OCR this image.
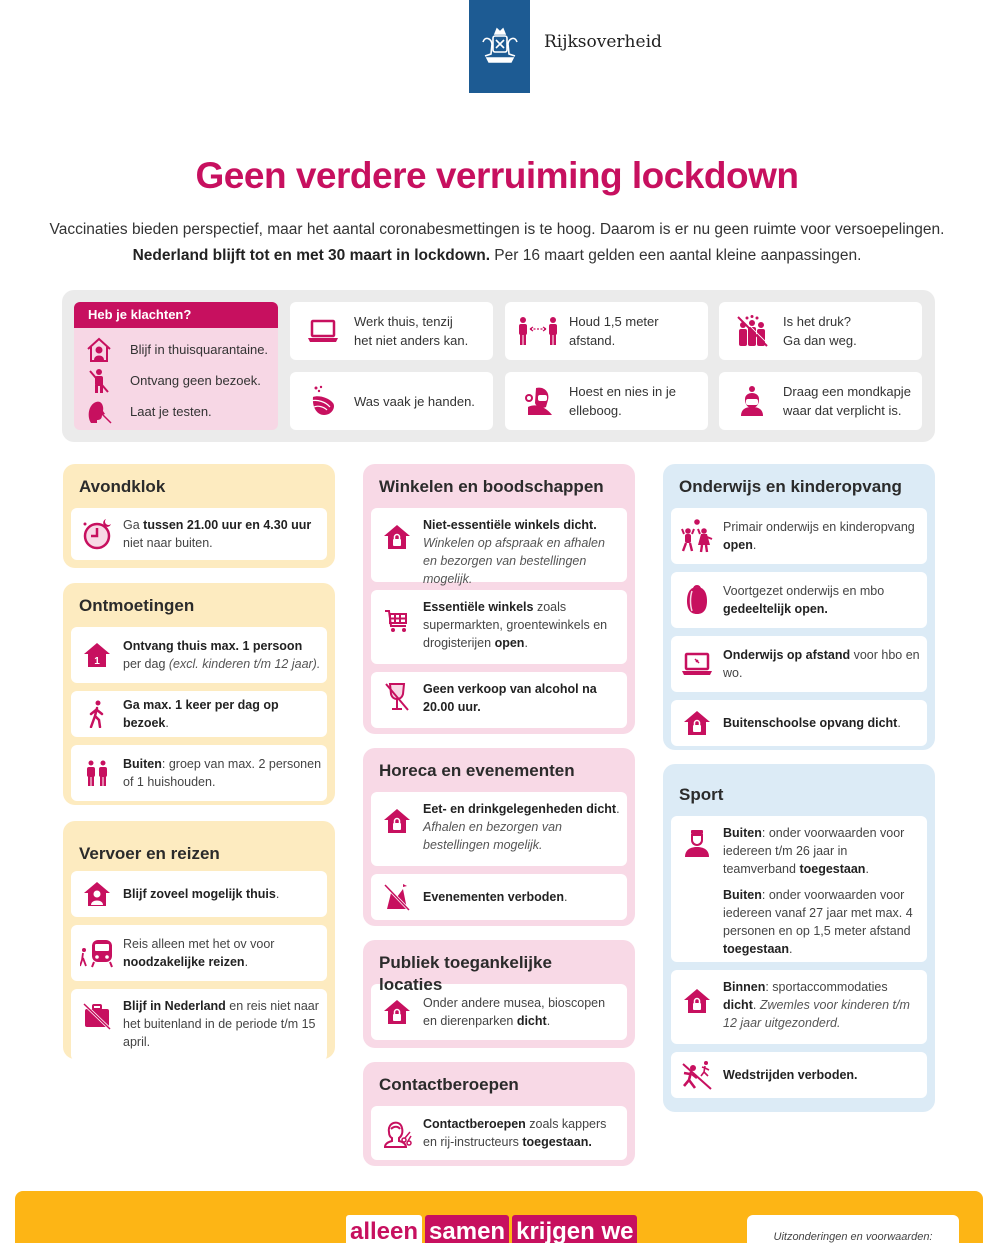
Rijksoverheid
Geen verdere verruiming lockdown
Vaccinaties bieden perspectief, maar het aantal coronabesmettingen is te hoog. Daarom is er nu geen ruimte voor versoepelingen.
Nederland blijft tot en met 30 maart in lockdown. Per 16 maart gelden een aantal kleine aanpassingen.
Heb je klachten?
Blijf in thuisquarantaine.
Ontvang geen bezoek.
Laat je testen.
Werk thuis, tenzij
het niet anders kan.
Houd 1,5 meter
afstand.
Is het druk?
Ga dan weg.
Was vaak je handen.
Hoest en nies in je
elleboog.
Draag een mondkapje
waar dat verplicht is.
Avondklok
Ga tussen 21.00 uur en 4.30 uur niet naar buiten.
Ontmoetingen
1
Ontvang thuis max. 1 persoon
per dag (excl. kinderen t/m 12 jaar).
Ga max. 1 keer per dag op bezoek.
Buiten: groep van max. 2 personen of 1 huishouden.
Vervoer en reizen
Blijf zoveel mogelijk thuis.
Reis alleen met het ov voor noodzakelijke reizen.
Blijf in Nederland en reis niet naar het buitenland in de periode t/m 15 april.
Winkelen en boodschappen
Niet-essentiële winkels dicht.
Winkelen op afspraak en afhalen en bezorgen van bestellingen mogelijk.
Essentiële winkels zoals supermarkten, groentewinkels en drogisterijen open.
Geen verkoop van alcohol na 20.00 uur.
Horeca en evenementen
Eet- en drinkgelegenheden dicht.
Afhalen en bezorgen van bestellingen mogelijk.
Evenementen verboden.
Publiek toegankelijke locaties
Onder andere musea, bioscopen en dierenparken dicht.
Contactberoepen
Contactberoepen zoals kappers en rij-instructeurs toegestaan.
Onderwijs en kinderopvang
Primair onderwijs en kinderopvang open.
Voortgezet onderwijs en mbo gedeeltelijk open.
Onderwijs op afstand voor hbo en wo.
Buitenschoolse opvang dicht.
Sport
Buiten: onder voorwaarden voor iedereen t/m 26 jaar in teamverband toegestaan.
Buiten: onder voorwaarden voor iedereen vanaf 27 jaar met max. 4 personen en op 1,5 meter afstand toegestaan.
Binnen: sportaccommodaties dicht. Zwemles voor kinderen t/m 12 jaar uitgezonderd.
Wedstrijden verboden.
alleen samen krijgen we	Uitzonderingen en voorwaarden:
